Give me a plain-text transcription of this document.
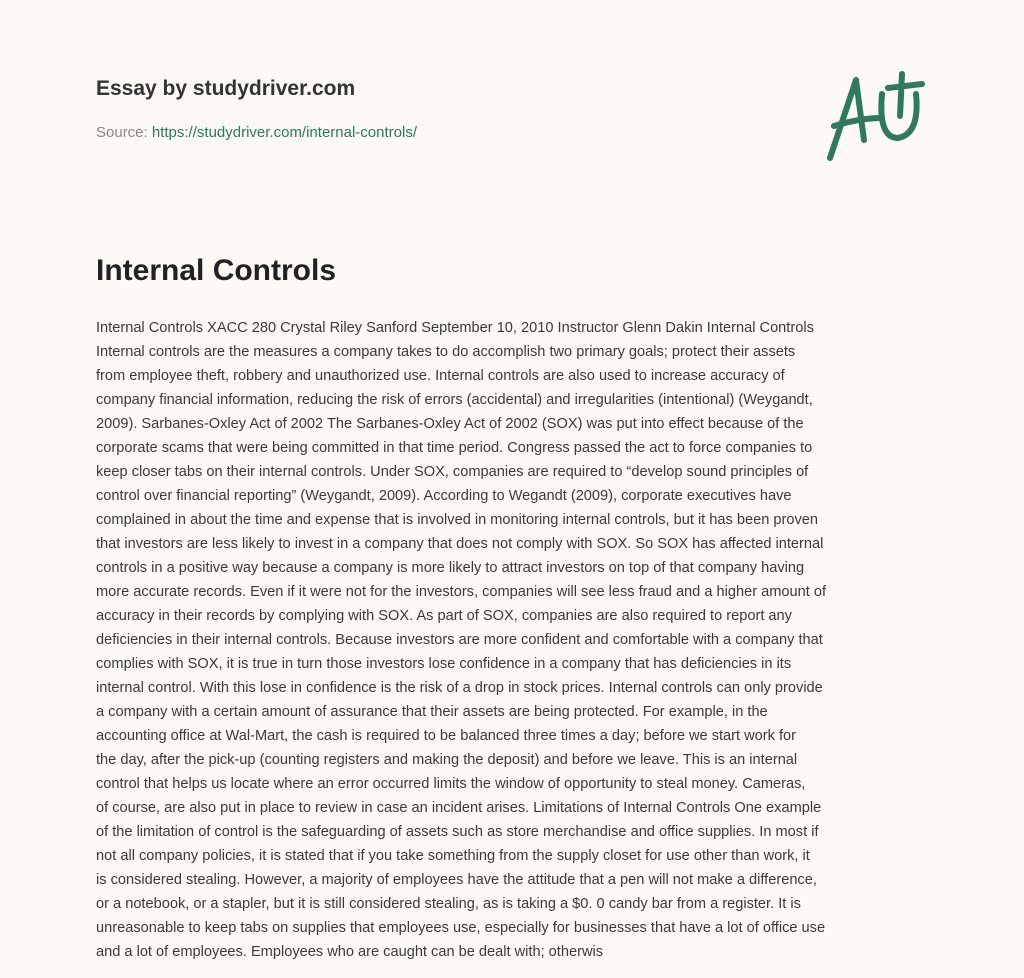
Essay by studydriver.com
Source: https://studydriver.com/internal-controls/
Internal Controls
Internal Controls XACC 280 Crystal Riley Sanford September 10, 2010 Instructor Glenn Dakin Internal Controls
Internal controls are the measures a company takes to do accomplish two primary goals; protect their assets
from employee theft, robbery and unauthorized use. Internal controls are also used to increase accuracy of
company financial information, reducing the risk of errors (accidental) and irregularities (intentional) (Weygandt,
2009). Sarbanes-Oxley Act of 2002 The Sarbanes-Oxley Act of 2002 (SOX) was put into effect because of the
corporate scams that were being committed in that time period. Congress passed the act to force companies to
keep closer tabs on their internal controls. Under SOX, companies are required to “develop sound principles of
control over financial reporting” (Weygandt, 2009). According to Wegandt (2009), corporate executives have
complained in about the time and expense that is involved in monitoring internal controls, but it has been proven
that investors are less likely to invest in a company that does not comply with SOX. So SOX has affected internal
controls in a positive way because a company is more likely to attract investors on top of that company having
more accurate records. Even if it were not for the investors, companies will see less fraud and a higher amount of
accuracy in their records by complying with SOX. As part of SOX, companies are also required to report any
deficiencies in their internal controls. Because investors are more confident and comfortable with a company that
complies with SOX, it is true in turn those investors lose confidence in a company that has deficiencies in its
internal control. With this lose in confidence is the risk of a drop in stock prices. Internal controls can only provide
a company with a certain amount of assurance that their assets are being protected. For example, in the
accounting office at Wal-Mart, the cash is required to be balanced three times a day; before we start work for
the day, after the pick-up (counting registers and making the deposit) and before we leave. This is an internal
control that helps us locate where an error occurred limits the window of opportunity to steal money. Cameras,
of course, are also put in place to review in case an incident arises. Limitations of Internal Controls One example
of the limitation of control is the safeguarding of assets such as store merchandise and office supplies. In most if
not all company policies, it is stated that if you take something from the supply closet for use other than work, it
is considered stealing. However, a majority of employees have the attitude that a pen will not make a difference,
or a notebook, or a stapler, but it is still considered stealing, as is taking a $0. 0 candy bar from a register. It is
unreasonable to keep tabs on supplies that employees use, especially for businesses that have a lot of office use
and a lot of employees. Employees who are caught can be dealt with; otherwis
